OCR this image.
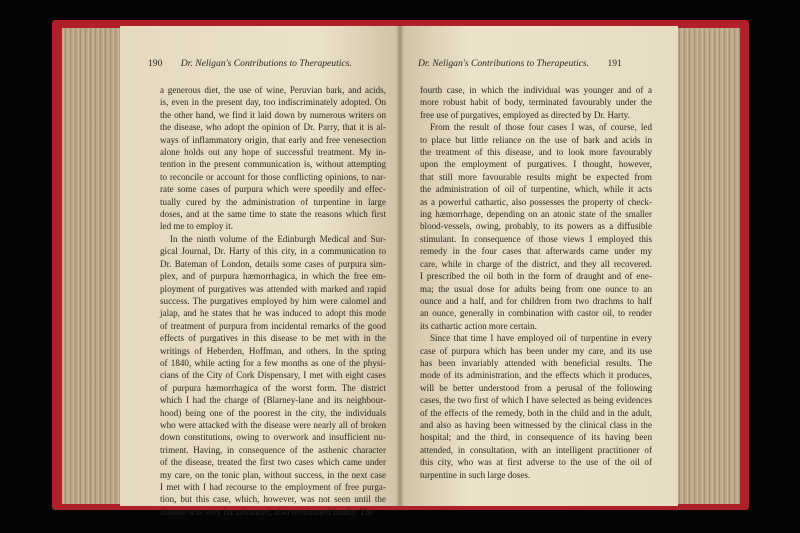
190 Dr. Neligan's Contributions to Therapeutics.
a generous diet, the use of wine, Peruvian bark, and acids,
is, even in the present day, too indiscriminately adopted. On
the other hand, we find it laid down by numerous writers on
the disease, who adopt the opinion of Dr. Parry, that it is al-
ways of inflammatory origin, that early and free venesection
alone holds out any hope of successful treatment. My in-
tention in the present communication is, without attempting
to reconcile or account for those conflicting opinions, to nar-
rate some cases of purpura which were speedily and effec-
tually cured by the administration of turpentine in large
doses, and at the same time to state the reasons which first
led me to employ it.
In the ninth volume of the Edinburgh Medical and Sur-
gical Journal, Dr. Harty of this city, in a communication to
Dr. Bateman of London, details some cases of purpura sim-
plex, and of purpura hæmorrhagica, in which the free em-
ployment of purgatives was attended with marked and rapid
success. The purgatives employed by him were calomel and
jalap, and he states that he was induced to adopt this mode
of treatment of purpura from incidental remarks of the good
effects of purgatives in this disease to be met with in the
writings of Heberden, Hoffman, and others. In the spring
of 1840, while acting for a few months as one of the physi-
cians of the City of Cork Dispensary, I met with eight cases
of purpura hæmorrhagica of the worst form. The district
which I had the charge of (Blarney-lane and its neighbour-
hood) being one of the poorest in the city, the individuals
who were attacked with the disease were nearly all of broken
down constitutions, owing to overwork and insufficient nu-
triment. Having, in consequence of the asthenic character
of the disease, treated the first two cases which came under
my care, on the tonic plan, without success, in the next case
I met with I had recourse to the employment of free purga-
tion, but this case, which, however, was not seen until the
disease was very far advanced, also terminated fatally. The
Dr. Neligan's Contributions to Therapeutics. 191
fourth case, in which the individual was younger and of a
more robust habit of body, terminated favourably under the
free use of purgatives, employed as directed by Dr. Harty.
From the result of those four cases I was, of course, led
to place but little reliance on the use of bark and acids in
the treatment of this disease, and to look more favourably
upon the employment of purgatives. I thought, however,
that still more favourable results might be expected from
the administration of oil of turpentine, which, while it acts
as a powerful cathartic, also possesses the property of check-
ing hæmorrhage, depending on an atonic state of the smaller
blood-vessels, owing, probably, to its powers as a diffusible
stimulant. In consequence of those views I employed this
remedy in the four cases that afterwards came under my
care, while in charge of the district, and they all recovered.
I prescribed the oil both in the form of draught and of ene-
ma; the usual dose for adults being from one ounce to an
ounce and a half, and for children from two drachms to half
an ounce, generally in combination with castor oil, to render
its cathartic action more certain.
Since that time I have employed oil of turpentine in every
case of purpura which has been under my care, and its use
has been invariably attended with beneficial results. The
mode of its administration, and the effects which it produces,
will be better understood from a perusal of the following
cases, the two first of which I have selected as being evidences
of the effects of the remedy, both in the child and in the adult,
and also as having been witnessed by the clinical class in the
hospital; and the third, in consequence of its having been
attended, in consultation, with an intelligent practitioner of
this city, who was at first adverse to the use of the oil of
turpentine in such large doses.
